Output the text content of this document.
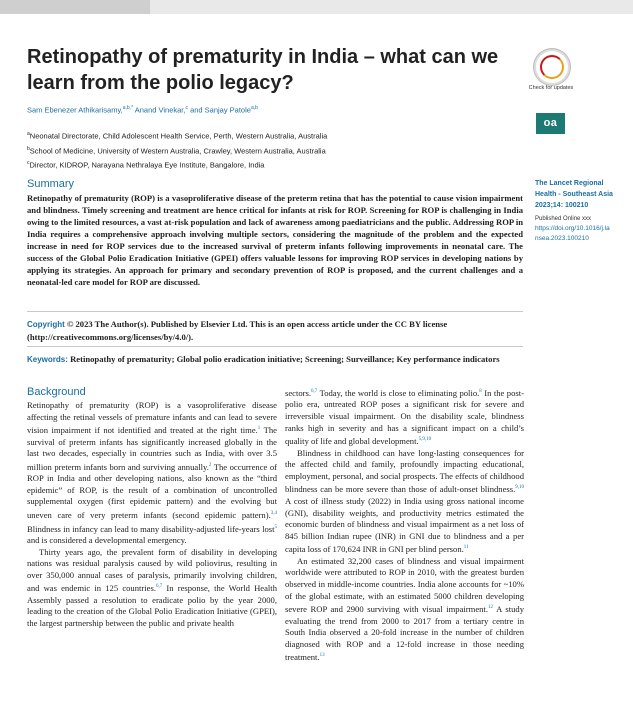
Retinopathy of prematurity in India – what can we learn from the polio legacy?	Check for updates
oa
Sam Ebenezer Athikarisamy,$^{a,b,*}$ Anand Vinekar,$^c$ and Sanjay Patole$^{a,b}$
$^a$Neonatal Directorate, Child Adolescent Health Service, Perth, Western Australia, Australia
$^b$School of Medicine, University of Western Australia, Crawley, Western Australia, Australia
$^c$Director, KIDROP, Narayana Nethralaya Eye Institute, Bangalore, India
Summary
Retinopathy of prematurity (ROP) is a vasoproliferative disease of the preterm retina that has the potential to cause vision impairment and blindness. Timely screening and treatment are hence critical for infants at risk for ROP. Screening for ROP is challenging in India owing to the limited resources, a vast at-risk population and lack of awareness among paediatricians and the public. Addressing ROP in India requires a comprehensive approach involving multiple sectors, considering the magnitude of the problem and the expected increase in need for ROP services due to the increased survival of preterm infants following improvements in neonatal care. The success of the Global Polio Eradication Initiative (GPEI) offers valuable lessons for improving ROP services in developing nations by applying its strategies. An approach for primary and secondary prevention of ROP is proposed, and the current challenges and a neonatal-led care model for ROP are discussed.
Copyright © 2023 The Author(s). Published by Elsevier Ltd. This is an open access article under the CC BY license (http://creativecommons.org/licenses/by/4.0/).
Keywords: Retinopathy of prematurity; Global polio eradication initiative; Screening; Surveillance; Key performance indicators
The Lancet Regional Health - Southeast Asia 2023;14: 100210
Published Online xxx
https://doi.org/10.1016/j.lansea.2023.100210
Background

Retinopathy of prematurity (ROP) is a vasoproliferative disease affecting the retinal vessels of premature infants and can lead to severe vision impairment if not identified and treated at the right time.$^1$ The survival of preterm infants has significantly increased globally in the last two decades, especially in countries such as India, with over 3.5 million preterm infants born and surviving annually.$^2$ The occurrence of ROP in India and other developing nations, also known as the “third epidemic” of ROP, is the result of a combination of uncontrolled supplemental oxygen (first epidemic pattern) and the evolving but uneven care of very preterm infants (second epidemic pattern).$^{3,4}$ Blindness in infancy can lead to many disability-adjusted life-years lost$^5$ and is considered a developmental emergency.

Thirty years ago, the prevalent form of disability in developing nations was residual paralysis caused by wild poliovirus, resulting in over 350,000 annual cases of paralysis, primarily involving children, and was endemic in 125 countries.$^{6,7}$ In response, the World Health Assembly passed a resolution to eradicate polio by the year 2000, leading to the creation of the Global Polio Eradication Initiative (GPEI), the largest partnership between the public and private health

sectors.$^{6,7}$ Today, the world is close to eliminating polio.$^8$ In the post-polio era, untreated ROP poses a significant risk for severe and irreversible visual impairment. On the disability scale, blindness ranks high in severity and has a significant impact on a child’s quality of life and global development.$^{5,9,10}$

Blindness in childhood can have long-lasting consequences for the affected child and family, profoundly impacting educational, employment, personal, and social prospects. The effects of childhood blindness can be more severe than those of adult-onset blindness.$^{9,10}$ A cost of illness study (2022) in India using gross national income (GNI), disability weights, and productivity metrics estimated the economic burden of blindness and visual impairment as a net loss of 845 billion Indian rupee (INR) in GNI due to blindness and a per capita loss of 170,624 INR in GNI per blind person.$^{11}$

An estimated 32,200 cases of blindness and visual impairment worldwide were attributed to ROP in 2010, with the greatest burden observed in middle-income countries. India alone accounts for ~10% of the global estimate, with an estimated 5000 children developing severe ROP and 2900 surviving with visual impairment.$^{12}$ A study evaluating the trend from 2000 to 2017 from a tertiary centre in South India observed a 20-fold increase in the number of children diagnosed with ROP and a 12-fold increase in those needing treatment.$^{13}$
